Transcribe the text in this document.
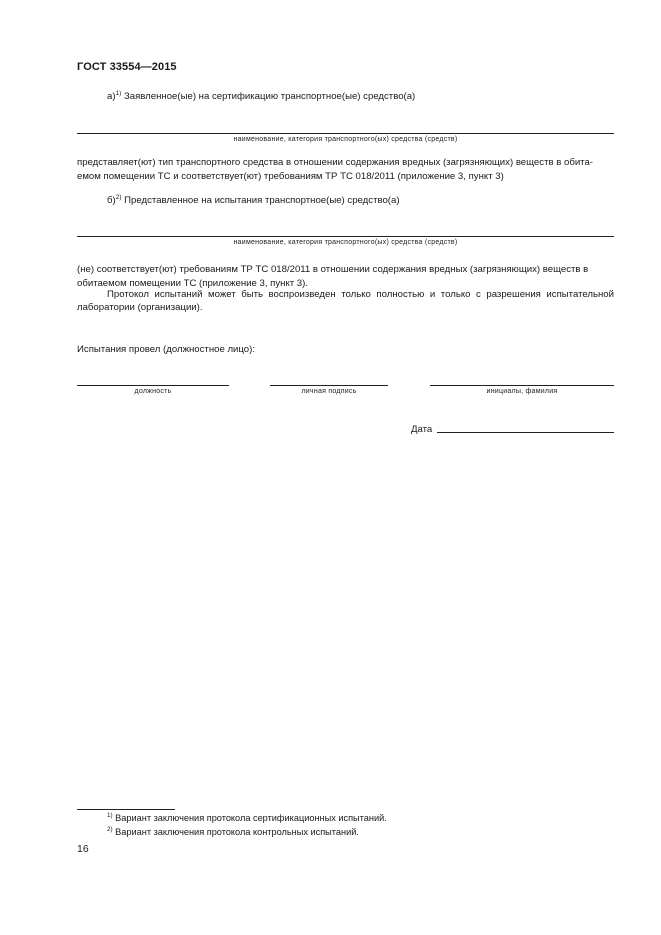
ГОСТ 33554—2015
а)$^{1)}$ Заявленное(ые) на сертификацию транспортное(ые) средство(а)
наименование, категория транспортного(ых) средства (средств)
представляет(ют) тип транспортного средства в отношении содержания вредных (загрязняющих) веществ в обита-
емом помещении ТС и соответствует(ют) требованиям ТР ТС 018/2011 (приложение 3, пункт 3)
б)$^{2)}$ Представленное на испытания транспортное(ые) средство(а)
наименование, категория транспортного(ых) средства (средств)
(не) соответствует(ют) требованиям ТР ТС 018/2011 в отношении содержания вредных (загрязняющих) веществ в
обитаемом помещении ТС (приложение 3, пункт 3).
Протокол испытаний может быть воспроизведен только полностью и только с разрешения испытательной
лаборатории (организации).
Испытания провел (должностное лицо):
должность	личная подпись	инициалы, фамилия
Дата
$^{1)}$ Вариант заключения протокола сертификационных испытаний.
$^{2)}$ Вариант заключения протокола контрольных испытаний.
16
